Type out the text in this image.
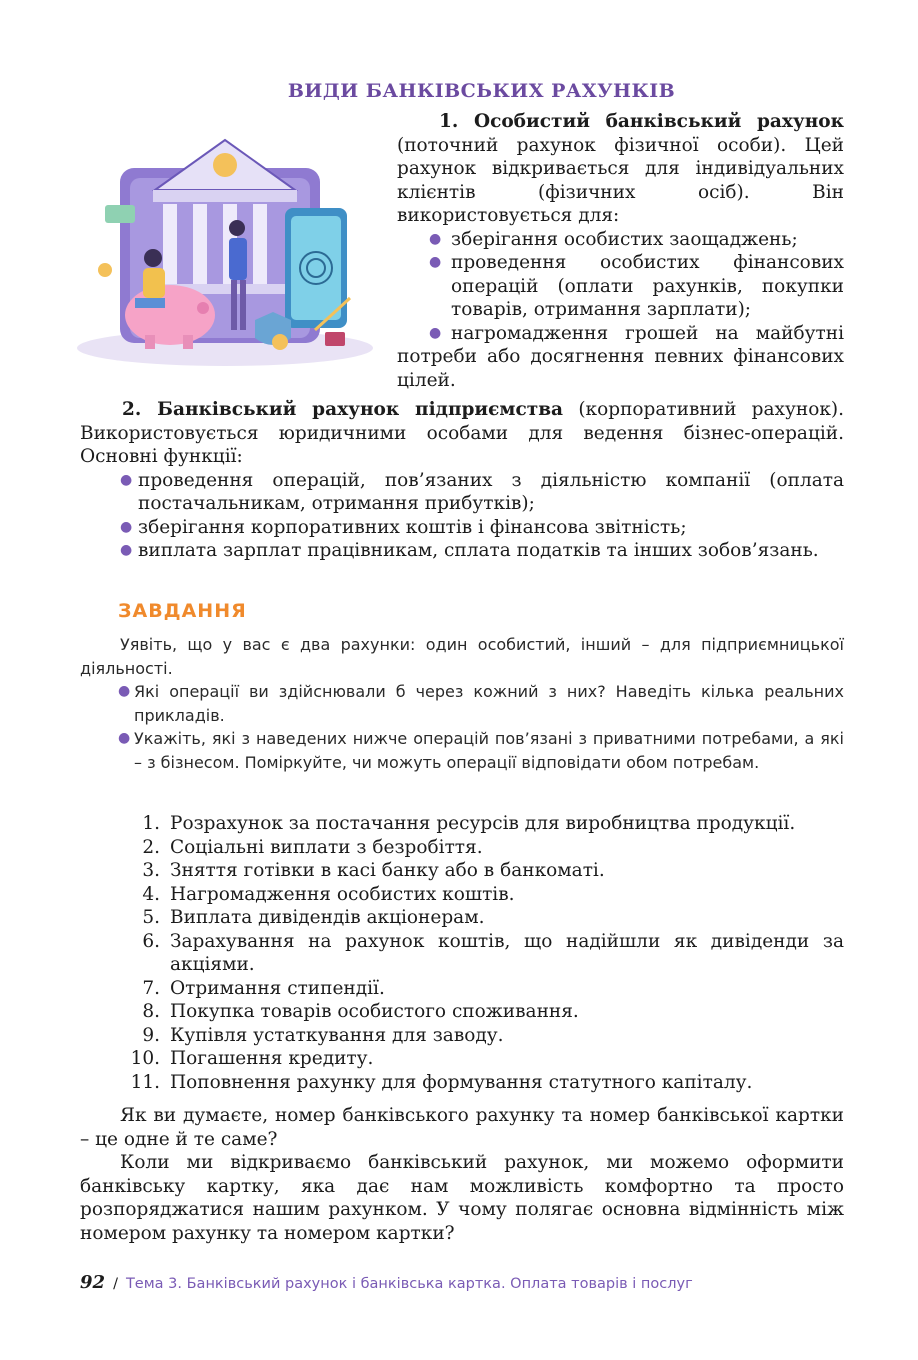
ВИДИ БАНКІВСЬКИХ РАХУНКІВ

1. Особистий банківський рахунок (поточний рахунок фізичної особи). Цей рахунок відкривається для індивідуальних клієнтів (фізичних осіб). Він використовується для:

● зберігання особистих заощаджень;
● проведення особистих фінансових операцій (оплати рахунків, покупки товарів, отримання зарплати);
● нагромадження грошей на майбутні потреби або досягнення певних фінансових цілей.

2. Банківський рахунок підприємства (корпоративний рахунок). Використовується юридичними особами для ведення бізнес-операцій. Основні функції:

● проведення операцій, пов’язаних з діяльністю компанії (оплата постачальникам, отримання прибутків);
● зберігання корпоративних коштів і фінансова звітність;
● виплата зарплат працівникам, сплата податків та інших зобов’язань.
ЗАВДАННЯ

Уявіть, що у вас є два рахунки: один особистий, інший – для підприємницької діяльності.

● Які операції ви здійснювали б через кожний з них? Наведіть кілька реальних прикладів.
● Укажіть, які з наведених нижче операцій пов’язані з приватними потребами, а які – з бізнесом. Поміркуйте, чи можуть операції відповідати обом потребам.
1. Розрахунок за постачання ресурсів для виробництва продукції.
2. Соціальні виплати з безробіття.
3. Зняття готівки в касі банку або в банкоматі.
4. Нагромадження особистих коштів.
5. Виплата дивідендів акціонерам.
6. Зарахування на рахунок коштів, що надійшли як дивіденди за акціями.
7. Отримання стипендії.
8. Покупка товарів особистого споживання.
9. Купівля устаткування для заводу.
10. Погашення кредиту.
11. Поповнення рахунку для формування статутного капіталу.

Як ви думаєте, номер банківського рахунку та номер банківської картки – це одне й те саме?

Коли ми відкриваємо банківський рахунок, ми можемо оформити банківську картку, яка дає нам можливість комфортно та просто розпоряджатися нашим рахунком. У чому полягає основна відмінність між номером рахунку та номером картки?

92 / Тема 3. Банківський рахунок і банківська картка. Оплата товарів і послуг
